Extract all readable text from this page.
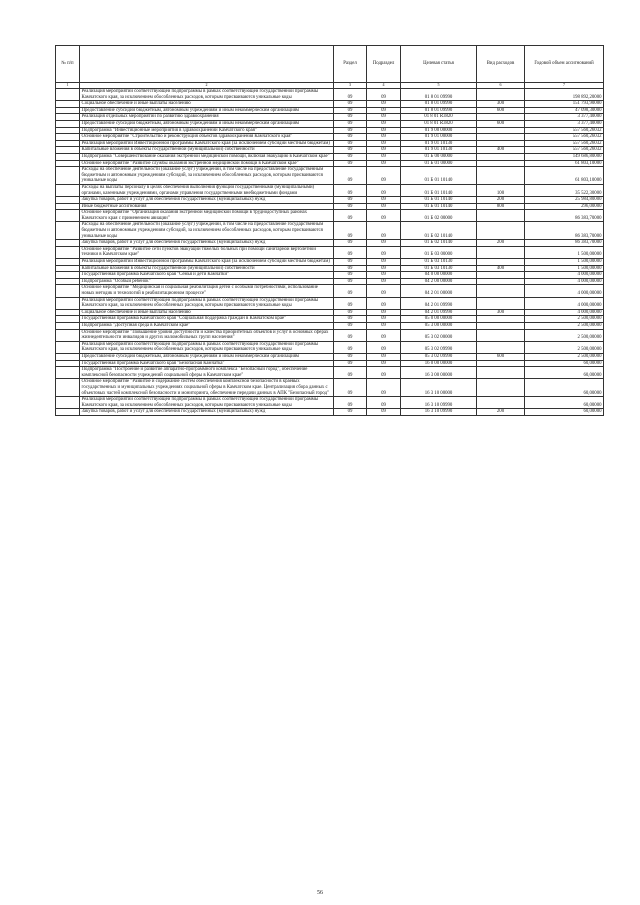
№ п/п		Раздел	Подраздел	Целевая статья	Вид расходов	Годовой объем ассигнований
1	2	3	4	5	6	7
	Реализация мероприятий соответствующей подпрограммы в рамках соответствующей государственной программы Камчатского края, за исключением обособленных расходов, которым присваиваются уникальные коды	09	09	01 8 01 09990		198 892,20000
	Социальное обеспечение и иные выплаты населению	09	09	01 8 01 09990	300	151 793,90000
	Предоставление субсидий бюджетным, автономным учреждениям и иным некоммерческим организациям	09	09	01 8 01 09990	600	47 098,30000
	Реализация отдельных мероприятий по развитию здравоохранения	09	09	01 8 01 R3820		3 377,40000
	Предоставление субсидий бюджетным, автономным учреждениям и иным некоммерческим организациям	09	09	01 8 01 R3820	600	3 377,40000
	Подпрограмма "Инвестиционные мероприятия в здравоохранении Камчатского края"	09	09	01 9 00 00000		557 560,26032
	Основное мероприятие "Строительство и реконструкция объектов здравоохранения Камчатского края"	09	09	01 9 01 00000		557 560,26032
	Реализация мероприятий Инвестиционной программы Камчатского края (за исключением субсидий местным бюджетам)	09	09	01 9 01 10130		557 560,26032
	Капитальные вложения в объекты государственной (муниципальной) собственности	09	09	01 9 01 10130	400	557 560,26032
	Подпрограмма "Совершенствование оказания экстренной медицинской помощи, включая эвакуацию в Камчатском крае"	09	09	01 Б 00 00000		149 686,80000
	Основное мероприятие "Развитие службы оказания экстренной медицинской помощи в Камчатском крае"	09	09	01 Б 01 00000		61 803,10000
	Расходы на обеспечение деятельности (оказание услуг) учреждений, в том числе на предоставление государственным бюджетным и автономным учреждениям субсидий, за исключением обособленных расходов, которым присваиваются уникальные коды	09	09	01 Б 01 10140		61 803,10000
	Расходы на выплаты персоналу в целях обеспечения выполнения функций государственными (муниципальными) органами, казенными учреждениями, органами управления государственными внебюджетными фондами	09	09	01 Б 01 10140	100	35 522,30000
	Закупка товаров, работ и услуг для обеспечения государственных (муниципальных) нужд	09	09	01 Б 01 10140	200	25 984,80000
	Иные бюджетные ассигнования	09	09	01 Б 01 10140	800	296,00000
	Основное мероприятие "Организация оказания экстренной медицинской помощи в труднодоступных районах Камчатского края с применением авиации"	09	09	01 Б 02 00000		86 383,70000
	Расходы на обеспечение деятельности (оказание услуг) учреждений, в том числе на предоставление государственным бюджетным и автономным учреждениям субсидий, за исключением обособленных расходов, которым присваиваются уникальные коды	09	09	01 Б 02 10140		86 383,70000
	Закупка товаров, работ и услуг для обеспечения государственных (муниципальных) нужд	09	09	01 Б 02 10140	200	86 383,70000
	Основное мероприятие "Развитие сети пунктов эвакуации тяжелых больных при помощи санитарной вертолетной техники в Камчатском крае"	09	09	01 Б 03 00000		1 500,00000
	Реализация мероприятий Инвестиционной программы Камчатского края (за исключением субсидий местным бюджетам)	09	09	01 Б 03 10130		1 500,00000
	Капитальные вложения в объекты государственной (муниципальной) собственности	09	09	01 Б 03 10130	400	1 500,00000
	Государственная программа Камчатского края "Семья и дети Камчатки"	09	09	04 0 00 00000		4 000,00000
	Подпрограмма "Особый ребенок"	09	09	04 2 00 00000		4 000,00000
	Основное мероприятие "Медицинская и социальная реабилитация детей с особыми потребностями, использование новых методик и технологий в реабилитационном процессе"	09	09	04 2 01 00000		4 000,00000
	Реализация мероприятий соответствующей подпрограммы в рамках соответствующей государственной программы Камчатского края, за исключением обособленных расходов, которым присваиваются уникальные коды	09	09	04 2 01 09990		4 000,00000
	Социальное обеспечение и иные выплаты населению	09	09	04 2 01 09990	300	4 000,00000
	Государственная программа Камчатского края "Социальная поддержка граждан в Камчатском крае"	09	09	05 0 00 00000		2 500,00000
	Подпрограмма "Доступная среда в Камчатском крае"	09	09	05 3 00 00000		2 500,00000
	Основное мероприятие "Повышение уровня доступности и качества приоритетных объектов и услуг в основных сферах жизнедеятельности инвалидов и других маломобильных групп населения"	09	09	05 3 02 00000		2 500,00000
	Реализация мероприятий соответствующей подпрограммы в рамках соответствующей государственной программы Камчатского края, за исключением обособленных расходов, которым присваиваются уникальные коды	09	09	05 3 02 09990		2 500,00000
	Предоставление субсидий бюджетным, автономным учреждениям и иным некоммерческим организациям	09	09	05 3 02 09990	600	2 500,00000
	Государственная программа Камчатского края "Безопасная Камчатка"	09	09	16 0 00 00000		60,00000
	Подпрограмма "Построение и развитие аппаратно-программного комплекса "Безопасный город", обеспечение комплексной безопасности учреждений социальной сферы в Камчатском крае"	09	09	16 3 00 00000		60,00000
	Основное мероприятие "Развитие и содержание систем обеспечения комплексной безопасности в краевых государственных и муниципальных учреждениях социальной сферы в Камчатском крае. Централизация сбора данных с объектовых частей комплексной безопасности и мониторинга, обеспечение передачи данных в АПК "Безопасный город"	09	09	16 3 10 00000		60,00000
	Реализация мероприятий соответствующей подпрограммы в рамках соответствующей государственной программы Камчатского края, за исключением обособленных расходов, которым присваиваются уникальные коды	09	09	16 3 10 09990		60,00000
	Закупка товаров, работ и услуг для обеспечения государственных (муниципальных) нужд	09	09	16 3 10 09990	200	60,00000
56
